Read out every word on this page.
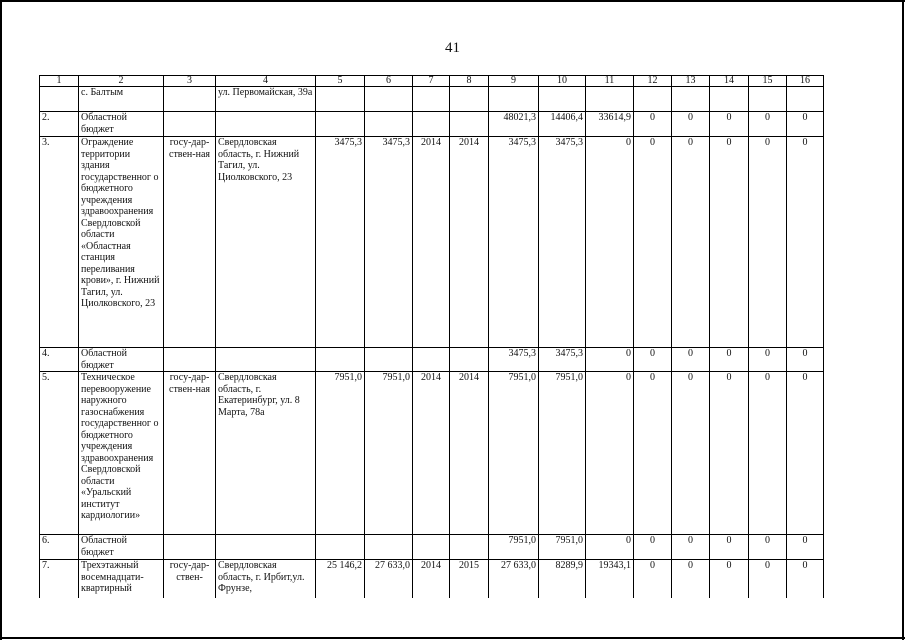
41
1	2	3	4	5	6	7	8	9	10	11	12	13	14	15	16
	с. Балтым		ул. Первомайская, 39а												
2.	Областной бюджет							48021,3	14406,4	33614,9	0	0	0	0	0
3.	Ограждение территории здания государственног о бюджетного учреждения здравоохранения Свердловской области «Областная станция переливания крови», г. Нижний Тагил, ул. Циолковского, 23	госу-дар-ствен-ная	Свердловская область, г. Нижний Тагил, ул. Циолковского, 23	3475,3	3475,3	2014	2014	3475,3	3475,3	0	0	0	0	0	0
4.	Областной бюджет							3475,3	3475,3	0	0	0	0	0	0
5.	Техническое перевооружение наружного газоснабжения государственног о бюджетного учреждения здравоохранения Свердловской области «Уральский институт кардиологии»	госу-дар-ствен-ная	Свердловская область, г. Екатеринбург, ул. 8 Марта, 78а	7951,0	7951,0	2014	2014	7951,0	7951,0	0	0	0	0	0	0
6.	Областной бюджет							7951,0	7951,0	0	0	0	0	0	0
7.	Трехэтажный восемнадцати-квартирный	госу-дар-ствен-	Свердловская область, г. Ирбит,ул. Фрунзе,	25 146,2	27 633,0	2014	2015	27 633,0	8289,9	19343,1	0	0	0	0	0
